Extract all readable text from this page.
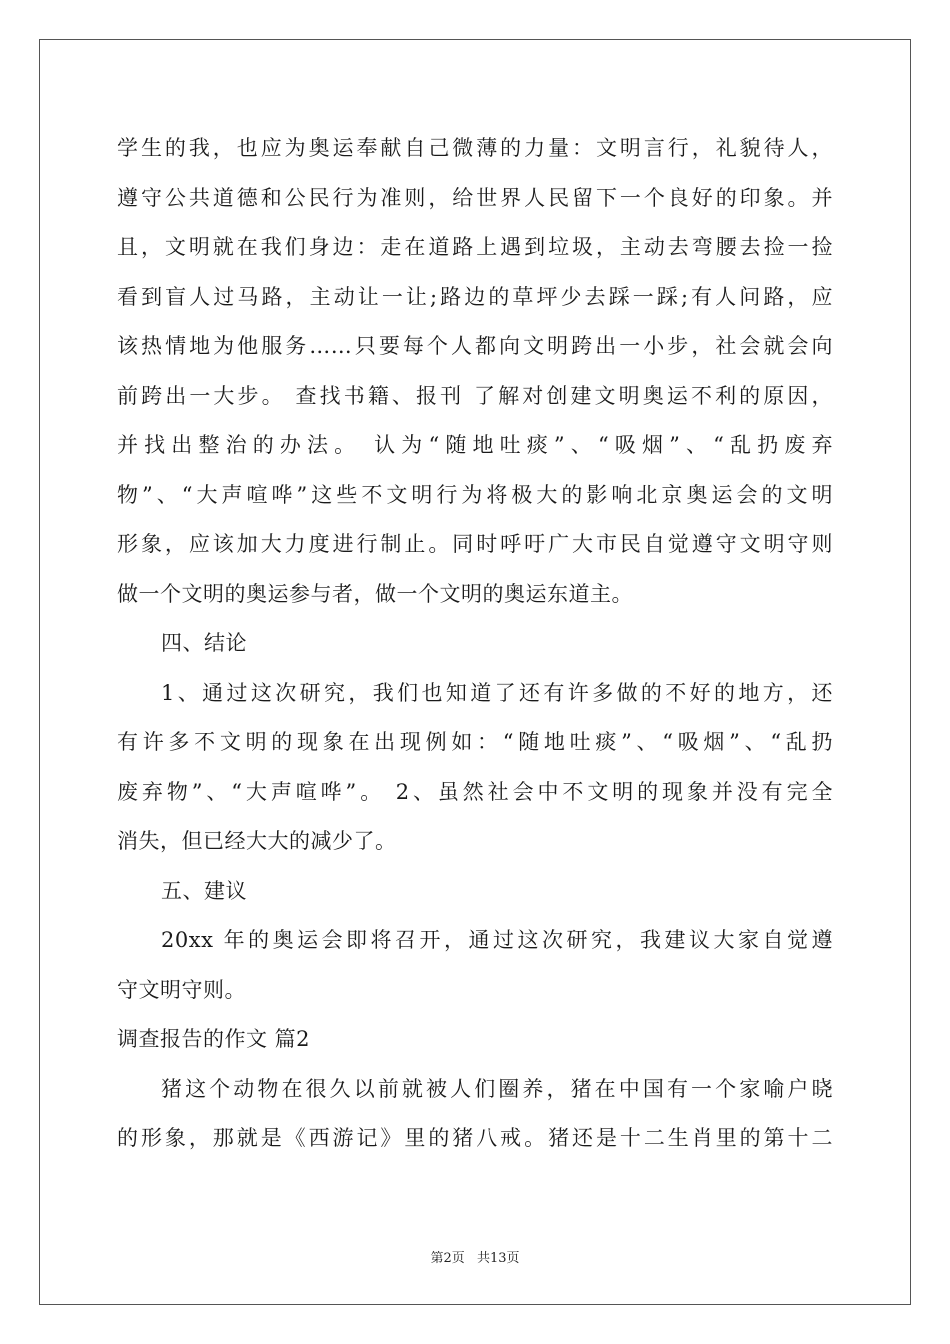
学生的我，也应为奥运奉献自己微薄的力量：文明言行，礼貌待人，
遵守公共道德和公民行为准则，给世界人民留下一个良好的印象。并
且，文明就在我们身边：走在道路上遇到垃圾，主动去弯腰去捡一捡
看到盲人过马路，主动让一让;路边的草坪少去踩一踩;有人问路，应
该热情地为他服务……只要每个人都向文明跨出一小步，社会就会向
前跨出一大步。 查找书籍、报刊 了解对创建文明奥运不利的原因，
并找出整治的办法。 认为“随地吐痰”、“吸烟”、“乱扔废弃
物”、“大声喧哗”这些不文明行为将极大的影响北京奥运会的文明
形象，应该加大力度进行制止。同时呼吁广大市民自觉遵守文明守则
做一个文明的奥运参与者，做一个文明的奥运东道主。
四、结论
1、通过这次研究，我们也知道了还有许多做的不好的地方，还
有许多不文明的现象在出现例如：“随地吐痰”、“吸烟”、“乱扔
废弃物”、“大声喧哗”。 2、虽然社会中不文明的现象并没有完全
消失，但已经大大的减少了。
五、建议
20xx 年的奥运会即将召开，通过这次研究，我建议大家自觉遵
守文明守则。
调查报告的作文 篇2
猪这个动物在很久以前就被人们圈养，猪在中国有一个家喻户晓
的形象，那就是《西游记》里的猪八戒。猪还是十二生肖里的第十二
第2页 共13页
